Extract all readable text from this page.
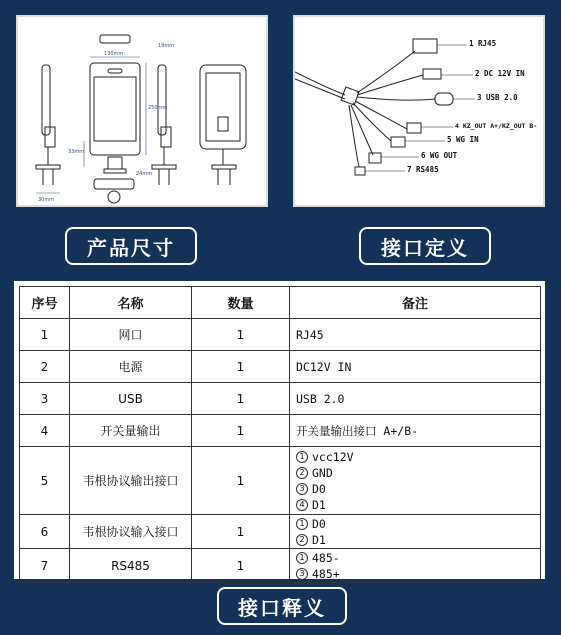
19mm
130mm
250mm
30mm
33mm
24mm
1 RJ45
2 DC 12V IN
3 USB 2.0
4 KZ_OUT A+/KZ_OUT B-
5 WG IN
6 WG OUT
7 RS485
产品尺寸	接口定义
序号	名称	数量	备注
1	网口	1	RJ45

2	电源	1	DC12V IN

3	USB	1	USB 2.0

4	开关量输出	1	开关量输出接口 A+/B-

5	韦根协议输出接口	1	1 vcc12V
2 GND
3 D0
4 D1

6	韦根协议输入接口	1	1 D0
2 D1

7	RS485	1	1 485-
3 485+
接口释义
